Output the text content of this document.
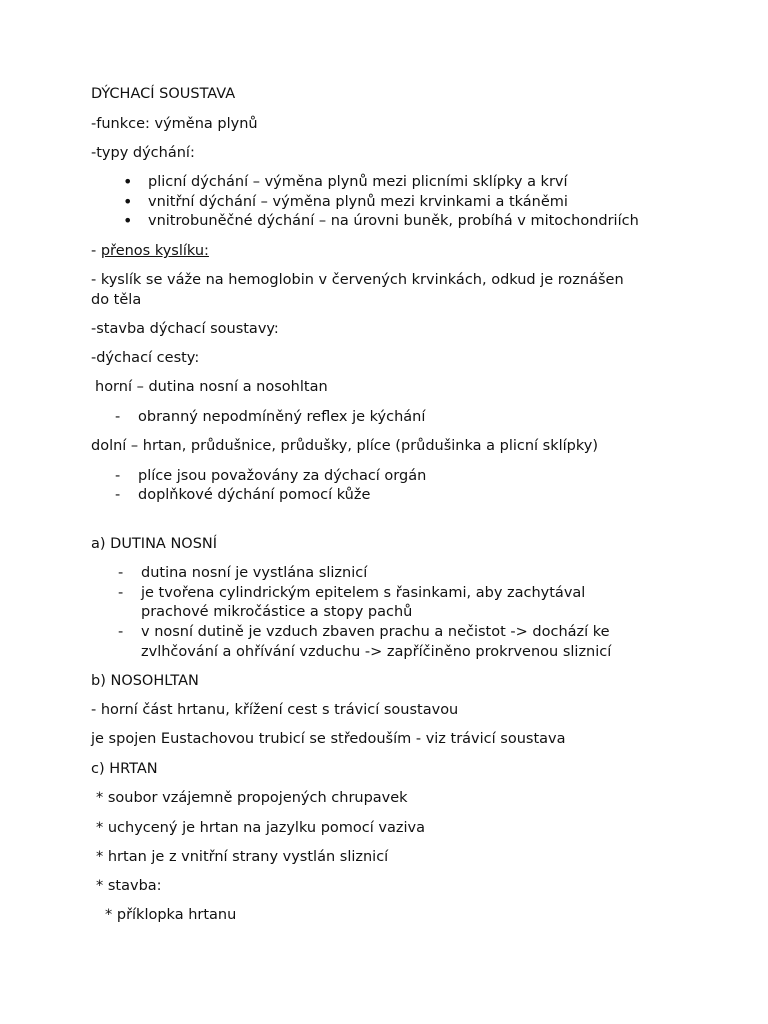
DÝCHACÍ SOUSTAVA
-funkce: výměna plynů
-typy dýchání:
• plicní dýchání – výměna plynů mezi plicními sklípky a krví
• vnitřní dýchání – výměna plynů mezi krvinkami a tkáněmi
• vnitrobuněčné dýchání – na úrovni buněk, probíhá v mitochondriích
- přenos kyslíku:
- kyslík se váže na hemoglobin v červených krvinkách, odkud je roznášen
do těla
-stavba dýchací soustavy:
-dýchací cesty:
horní – dutina nosní a nosohltan
- obranný nepodmíněný reflex je kýchání
dolní – hrtan, průdušnice, průdušky, plíce (průdušinka a plicní sklípky)
- plíce jsou považovány za dýchací orgán
- doplňkové dýchání pomocí kůže
a) DUTINA NOSNÍ
- dutina nosní je vystlána sliznicí
- je tvořena cylindrickým epitelem s řasinkami, aby zachytával
prachové mikročástice a stopy pachů
- v nosní dutině je vzduch zbaven prachu a nečistot -> dochází ke
zvlhčování a ohřívání vzduchu -> zapříčiněno prokrvenou sliznicí
b) NOSOHLTAN
- horní část hrtanu, křížení cest s trávicí soustavou
je spojen Eustachovou trubicí se středouším - viz trávicí soustava
c) HRTAN
* soubor vzájemně propojených chrupavek
* uchycený je hrtan na jazylku pomocí vaziva
* hrtan je z vnitřní strany vystlán sliznicí
* stavba:
* příklopka hrtanu
